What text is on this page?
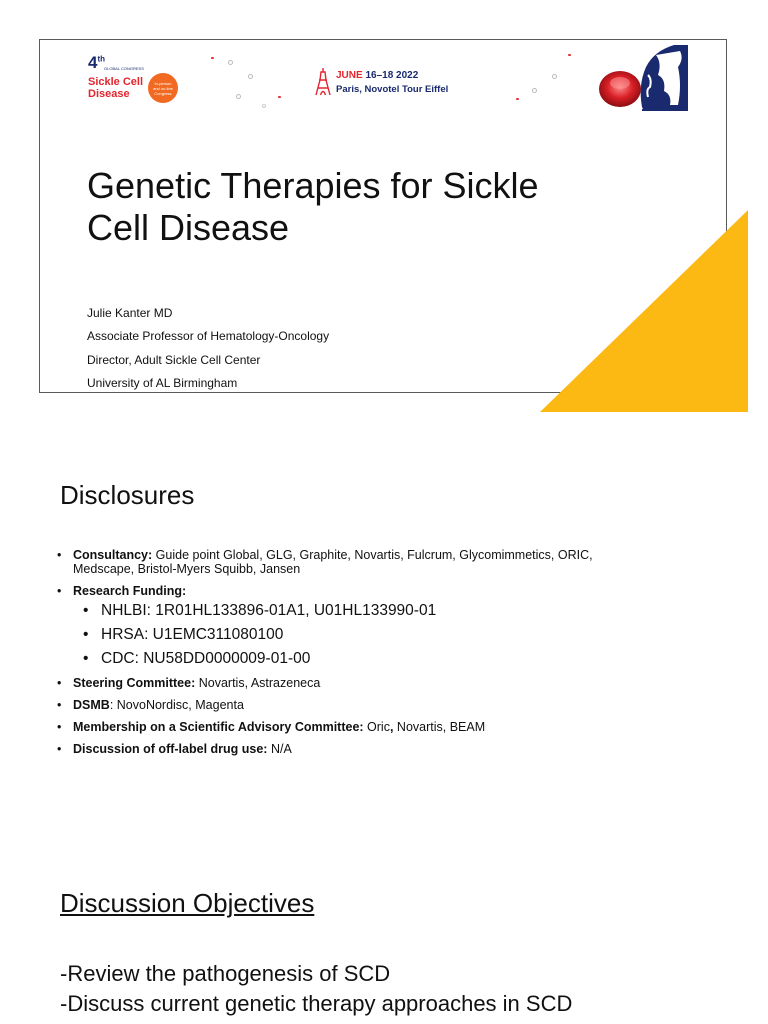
4th
GLOBAL CONGRESS
Sickle Cell
Disease
In-person
and on-line
Congress
JUNE 16–18 2022
Paris, Novotel Tour Eiffel
Genetic Therapies for Sickle
Cell Disease
Julie Kanter MD
Associate Professor of Hematology-Oncology
Director, Adult Sickle Cell Center
University of AL Birmingham
Disclosures
• Consultancy: Guide point Global, GLG, Graphite, Novartis, Fulcrum, Glycomimmetics, ORIC,
Medscape, Bristol-Myers Squibb, Jansen
• Research Funding:
• NHLBI: 1R01HL133896-01A1, U01HL133990-01
• HRSA: U1EMC311080100
• CDC: NU58DD0000009-01-00
• Steering Committee: Novartis, Astrazeneca
• DSMB: NovoNordisc, Magenta
• Membership on a Scientific Advisory Committee: Oric, Novartis, BEAM
• Discussion of off-label drug use: N/A
Discussion Objectives
-Review the pathogenesis of SCD
-Discuss current genetic therapy approaches in SCD
